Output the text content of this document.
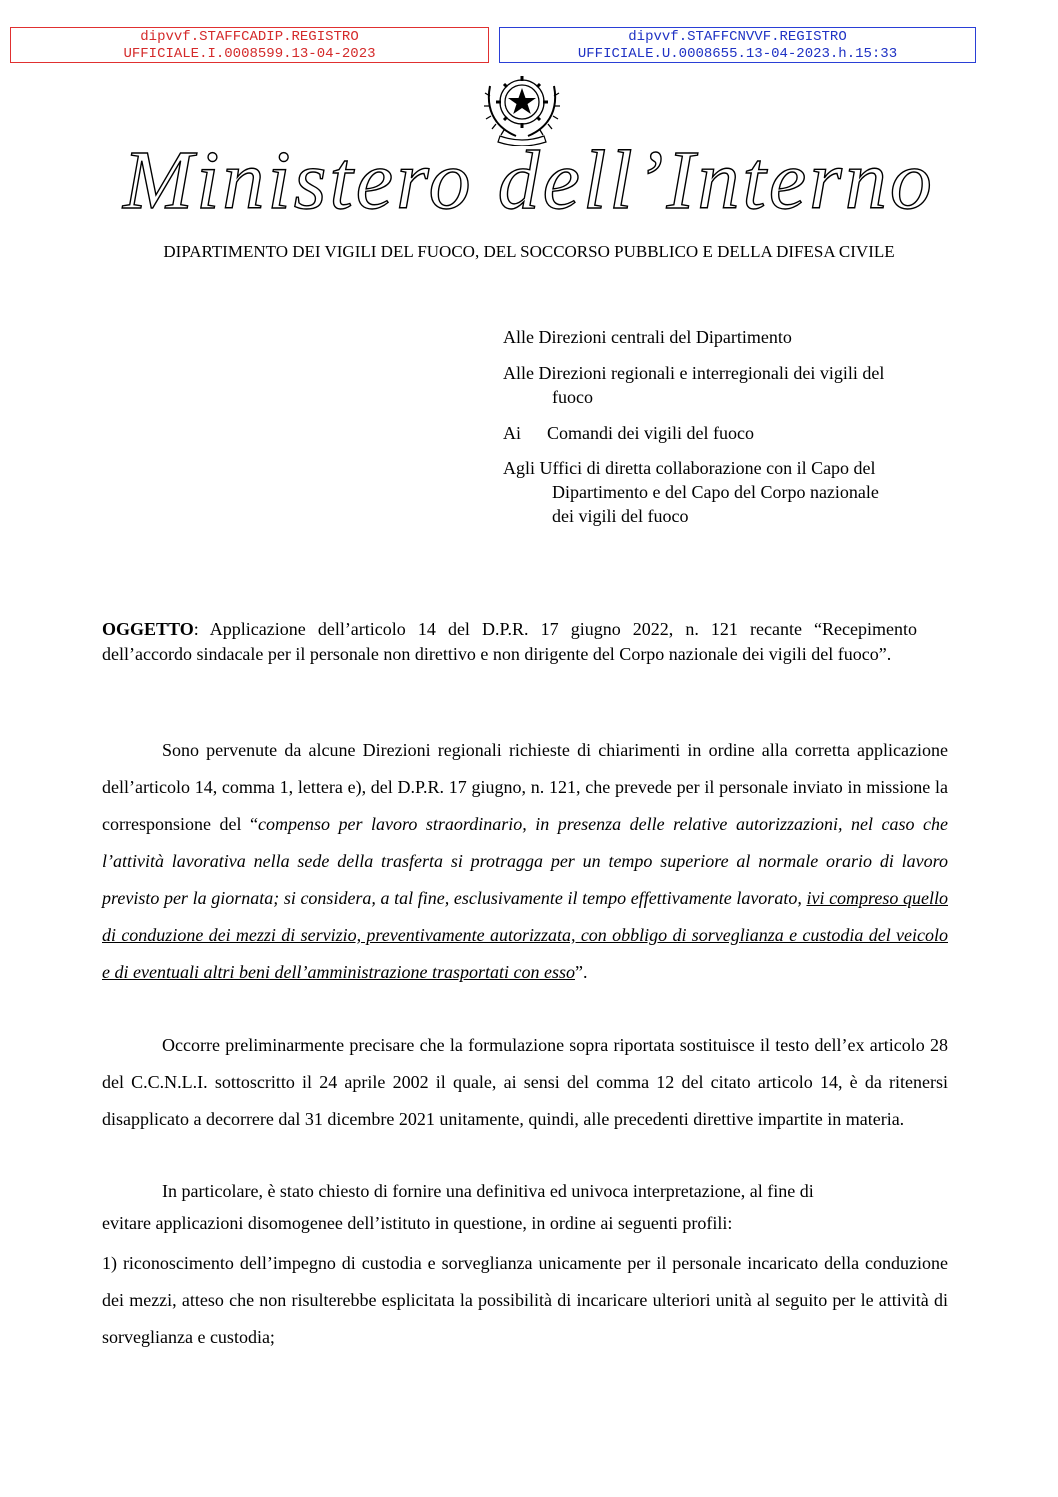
dipvvf.STAFFCADIP.REGISTRO
UFFICIALE.I.0008599.13-04-2023
dipvvf.STAFFCNVVF.REGISTRO
UFFICIALE.U.0008655.13-04-2023.h.15:33
Ministero dell’Interno
DIPARTIMENTO DEI VIGILI DEL FUOCO, DEL SOCCORSO PUBBLICO E DELLA DIFESA CIVILE
Alle Direzioni centrali del Dipartimento
Alle Direzioni regionali e interregionali dei vigili del
fuoco
Ai Comandi dei vigili del fuoco
Agli Uffici di diretta collaborazione con il Capo del
Dipartimento e del Capo del Corpo nazionale
dei vigili del fuoco
OGGETTO: Applicazione dell’articolo 14 del D.P.R. 17 giugno 2022, n. 121 recante “Recepimento dell’accordo sindacale per il personale non direttivo e non dirigente del Corpo nazionale dei vigili del fuoco”.
Sono pervenute da alcune Direzioni regionali richieste di chiarimenti in ordine alla corretta applicazione dell’articolo 14, comma 1, lettera e), del D.P.R. 17 giugno, n. 121, che prevede per il personale inviato in missione la corresponsione del “compenso per lavoro straordinario, in presenza delle relative autorizzazioni, nel caso che l’attività lavorativa nella sede della trasferta si protragga per un tempo superiore al normale orario di lavoro previsto per la giornata; si considera, a tal fine, esclusivamente il tempo effettivamente lavorato, ivi compreso quello di conduzione dei mezzi di servizio, preventivamente autorizzata, con obbligo di sorveglianza e custodia del veicolo e di eventuali altri beni dell’amministrazione trasportati con esso”.
Occorre preliminarmente precisare che la formulazione sopra riportata sostituisce il testo dell’ex articolo 28 del C.C.N.L.I. sottoscritto il 24 aprile 2002 il quale, ai sensi del comma 12 del citato articolo 14, è da ritenersi disapplicato a decorrere dal 31 dicembre 2021 unitamente, quindi, alle precedenti direttive impartite in materia.
In particolare, è stato chiesto di fornire una definitiva ed univoca interpretazione, al fine di
evitare applicazioni disomogenee dell’istituto in questione, in ordine ai seguenti profili:
1) riconoscimento dell’impegno di custodia e sorveglianza unicamente per il personale incaricato della conduzione dei mezzi, atteso che non risulterebbe esplicitata la possibilità di incaricare ulteriori unità al seguito per le attività di sorveglianza e custodia;
